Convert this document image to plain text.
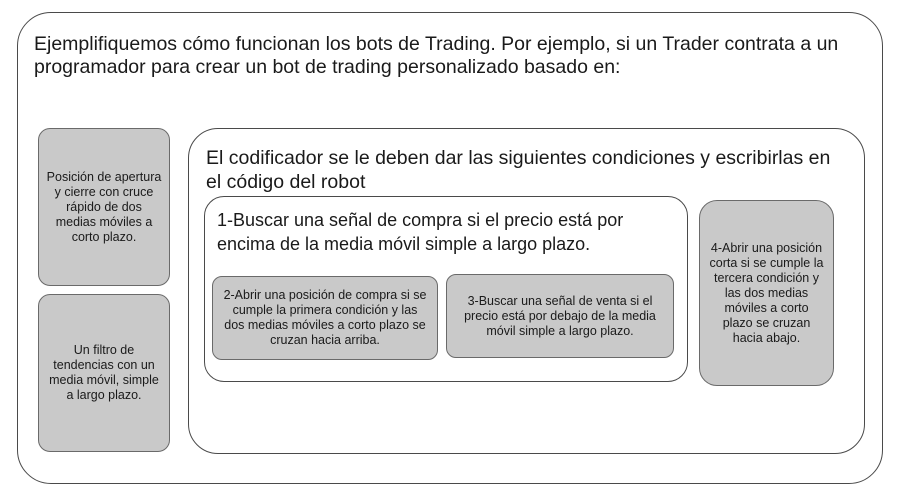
Ejemplifiquemos cómo funcionan los bots de Trading. Por ejemplo, si un Trader contrata a un programador para crear un bot de trading personalizado basado en:

Posición de apertura y cierre con cruce rápido de dos medias móviles a corto plazo.
Un filtro de tendencias con un media móvil, simple a largo plazo.

El codificador se le deben dar las siguientes condiciones y escribirlas en el código del robot

1-Buscar una señal de compra si el precio está por encima de la media móvil simple a largo plazo.

2-Abrir una posición de compra si se cumple la primera condición y las dos medias móviles a corto plazo se cruzan hacia arriba.
3-Buscar una señal de venta si el precio está por debajo de la media móvil simple a largo plazo.
4-Abrir una posición corta si se cumple la tercera condición y las dos medias móviles a corto plazo se cruzan hacia abajo.
